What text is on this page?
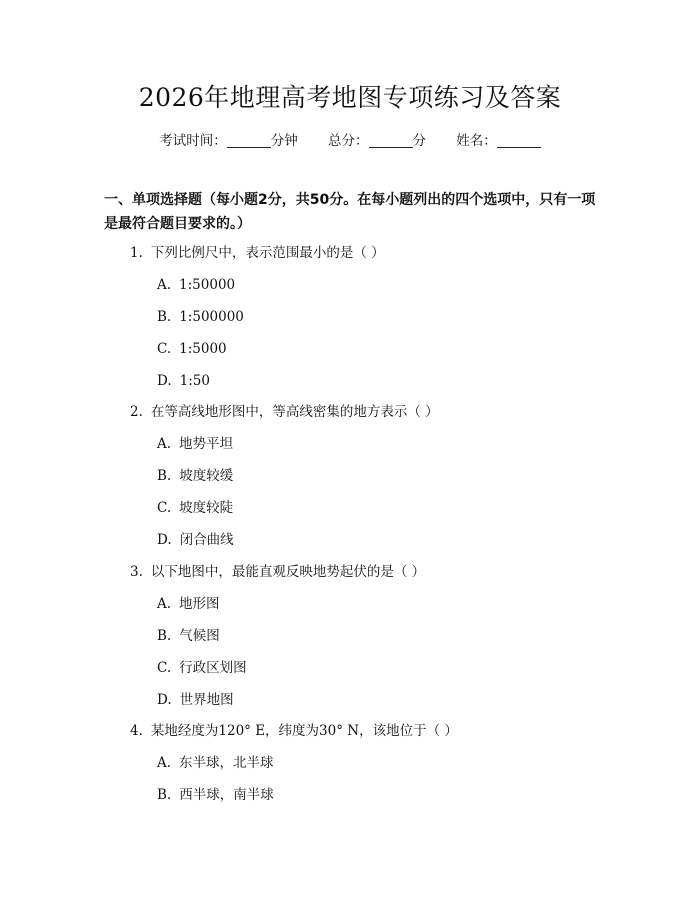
2026年地理高考地图专项练习及答案
考试时间：	分钟 总分：	分 姓名：
一、单项选择题（每小题2分，共50分。在每小题列出的四个选项中，只有一项
是最符合题目要求的。）
1. 下列比例尺中，表示范围最小的是（ ）
A. 1:50000
B. 1:500000
C. 1:5000
D. 1:50
2. 在等高线地形图中，等高线密集的地方表示（ ）
A. 地势平坦
B. 坡度较缓
C. 坡度较陡
D. 闭合曲线
3. 以下地图中，最能直观反映地势起伏的是（ ）
A. 地形图
B. 气候图
C. 行政区划图
D. 世界地图
4. 某地经度为120° E，纬度为30° N，该地位于（ ）
A. 东半球，北半球
B. 西半球，南半球
